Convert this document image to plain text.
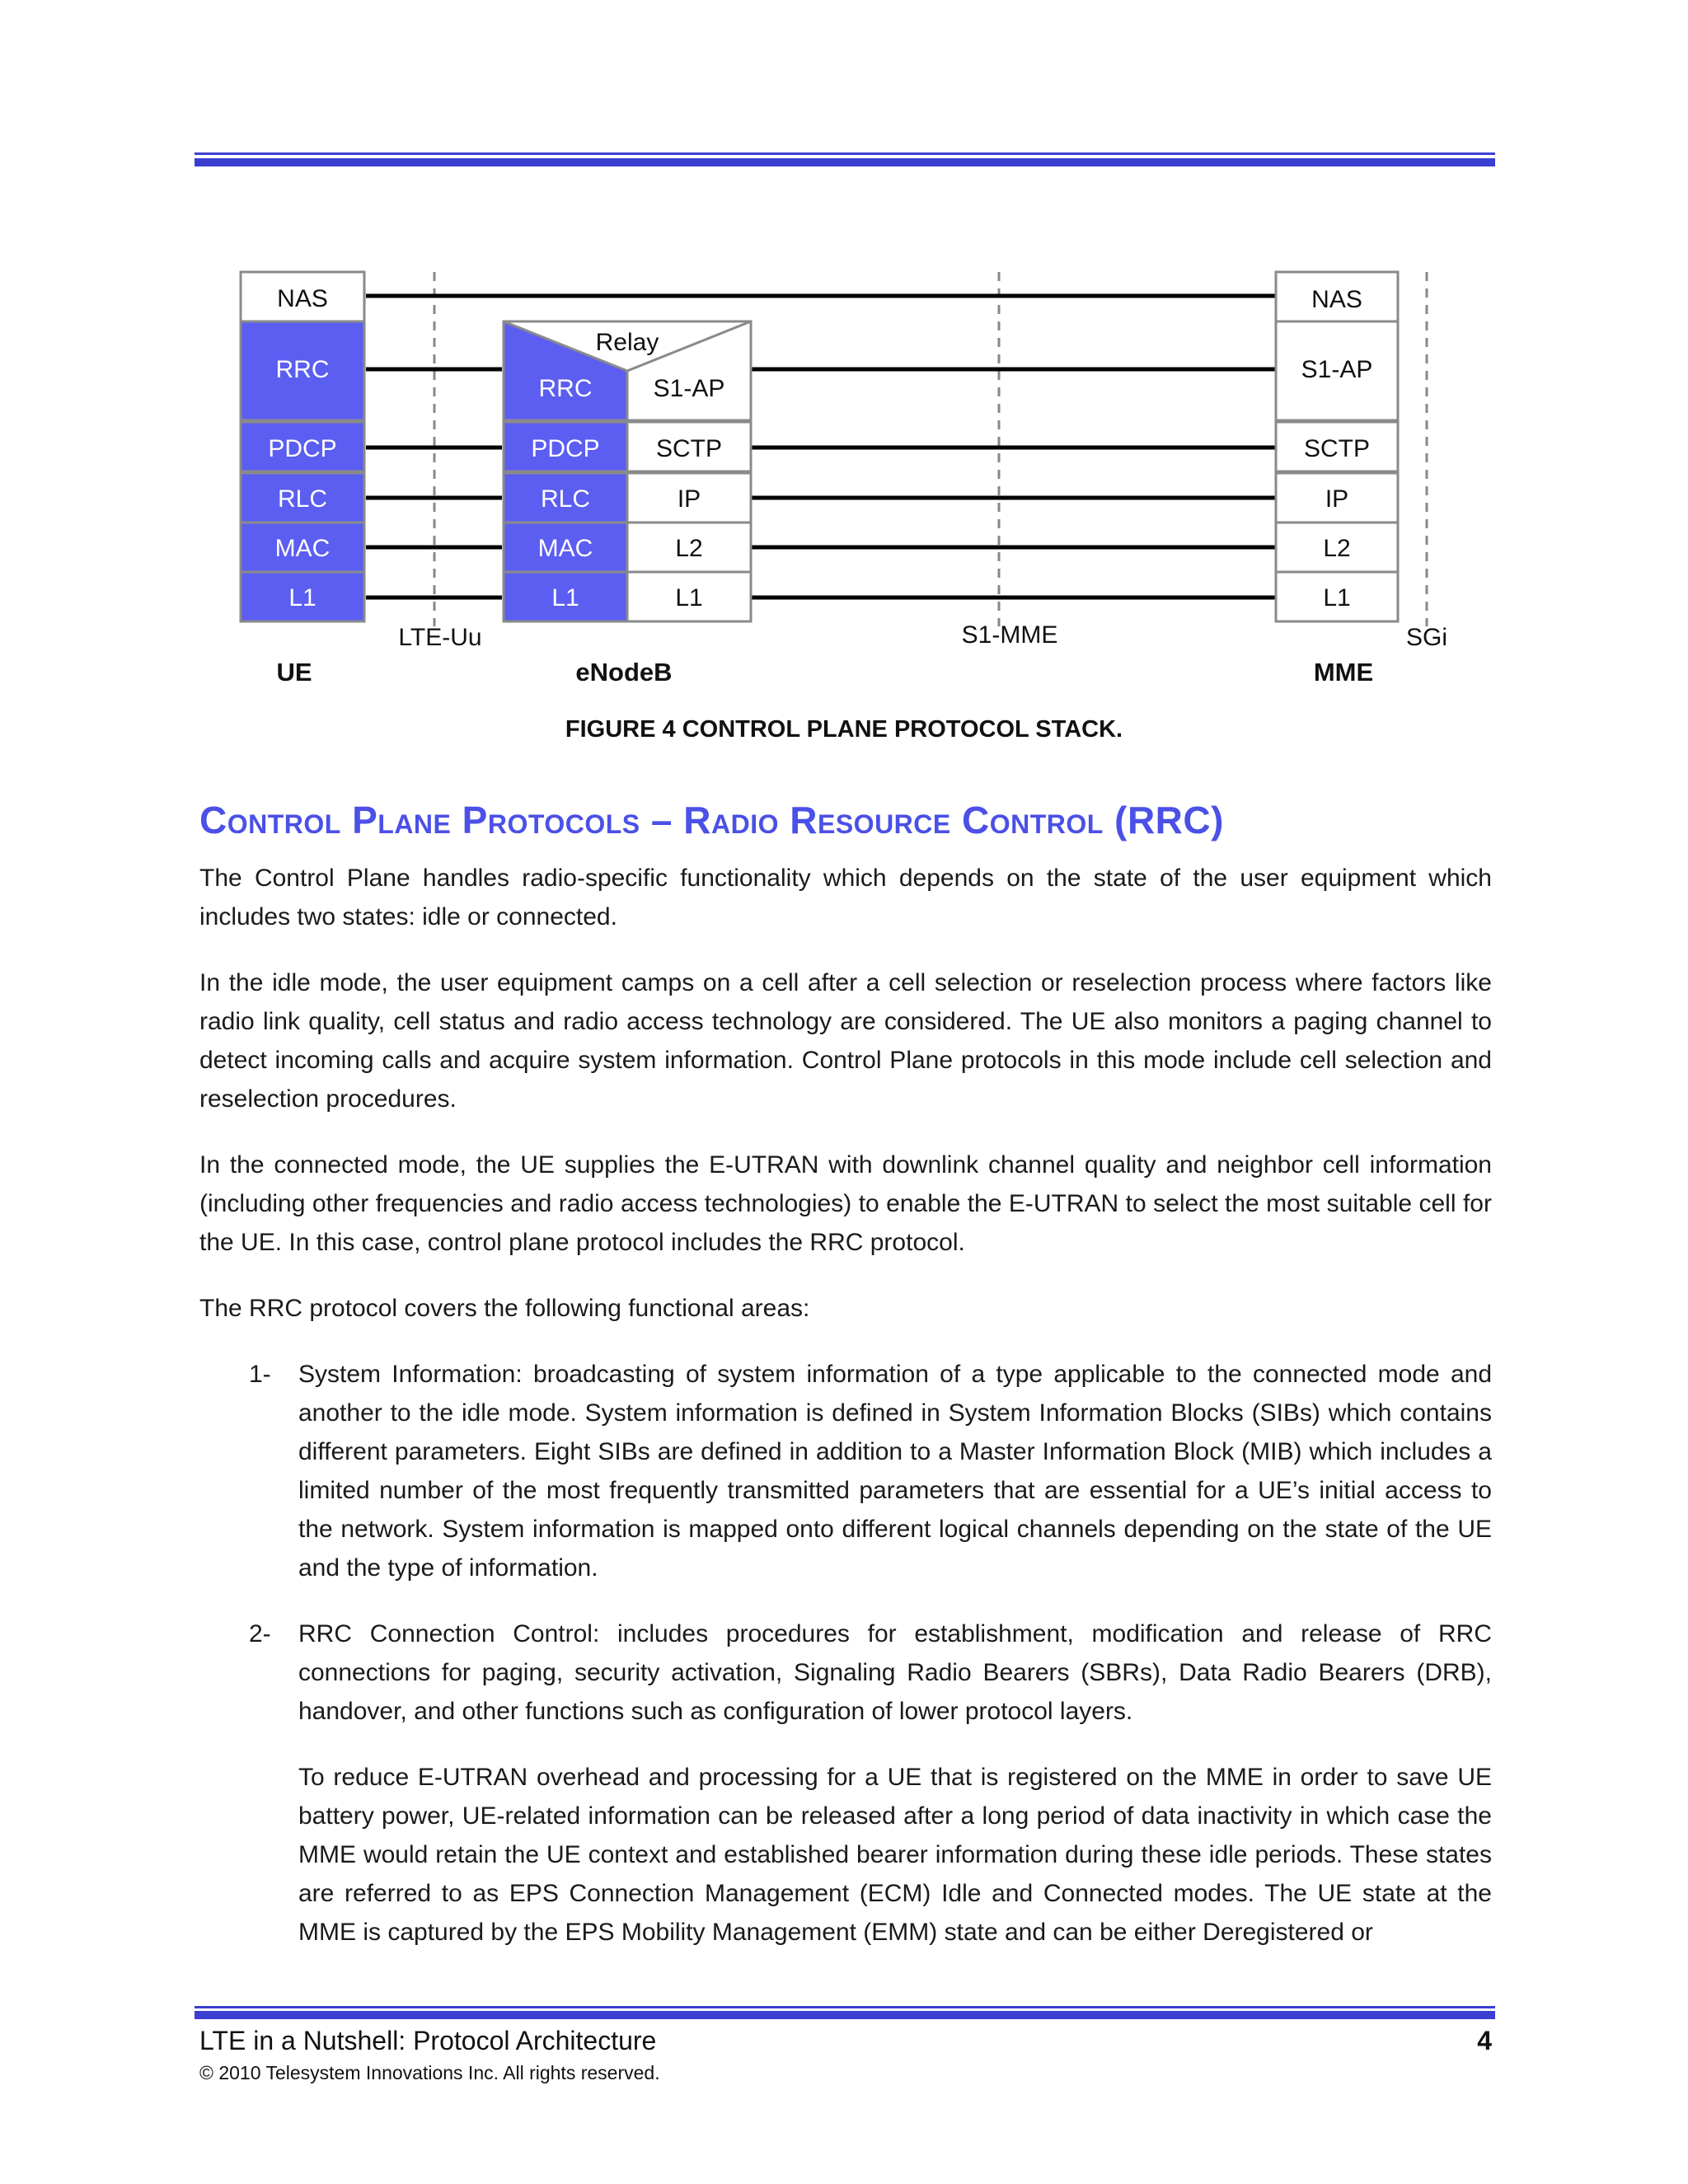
NAS
RRC
PDCP
RLC
MAC
L1
Relay
RRC
PDCP
RLC
MAC
L1
S1-AP
SCTP
IP
L2
L1
NAS
S1-AP
SCTP
IP
L2
L1
LTE-Uu	S1-MME	SGi
UE	eNodeB	MME
FIGURE 4 CONTROL PLANE PROTOCOL STACK.
Control Plane Protocols – Radio Resource Control (RRC)

The Control Plane handles radio-specific functionality which depends on the state of the user equipment which includes two states: idle or connected.

In the idle mode, the user equipment camps on a cell after a cell selection or reselection process where factors like radio link quality, cell status and radio access technology are considered. The UE also monitors a paging channel to detect incoming calls and acquire system information. Control Plane protocols in this mode include cell selection and reselection procedures.

In the connected mode, the UE supplies the E-UTRAN with downlink channel quality and neighbor cell information (including other frequencies and radio access technologies) to enable the E-UTRAN to select the most suitable cell for the UE. In this case, control plane protocol includes the RRC protocol.

The RRC protocol covers the following functional areas:

1- System Information: broadcasting of system information of a type applicable to the connected mode and another to the idle mode. System information is defined in System Information Blocks (SIBs) which contains different parameters. Eight SIBs are defined in addition to a Master Information Block (MIB) which includes a limited number of the most frequently transmitted parameters that are essential for a UE’s initial access to the network. System information is mapped onto different logical channels depending on the state of the UE and the type of information.

2- RRC Connection Control: includes procedures for establishment, modification and release of RRC connections for paging, security activation, Signaling Radio Bearers (SBRs), Data Radio Bearers (DRB), handover, and other functions such as configuration of lower protocol layers.

To reduce E-UTRAN overhead and processing for a UE that is registered on the MME in order to save UE battery power, UE-related information can be released after a long period of data inactivity in which case the MME would retain the UE context and established bearer information during these idle periods. These states are referred to as EPS Connection Management (ECM) Idle and Connected modes. The UE state at the MME is captured by the EPS Mobility Management (EMM) state and can be either Deregistered or

LTE in a Nutshell: Protocol Architecture	4
© 2010 Telesystem Innovations Inc. All rights reserved.
